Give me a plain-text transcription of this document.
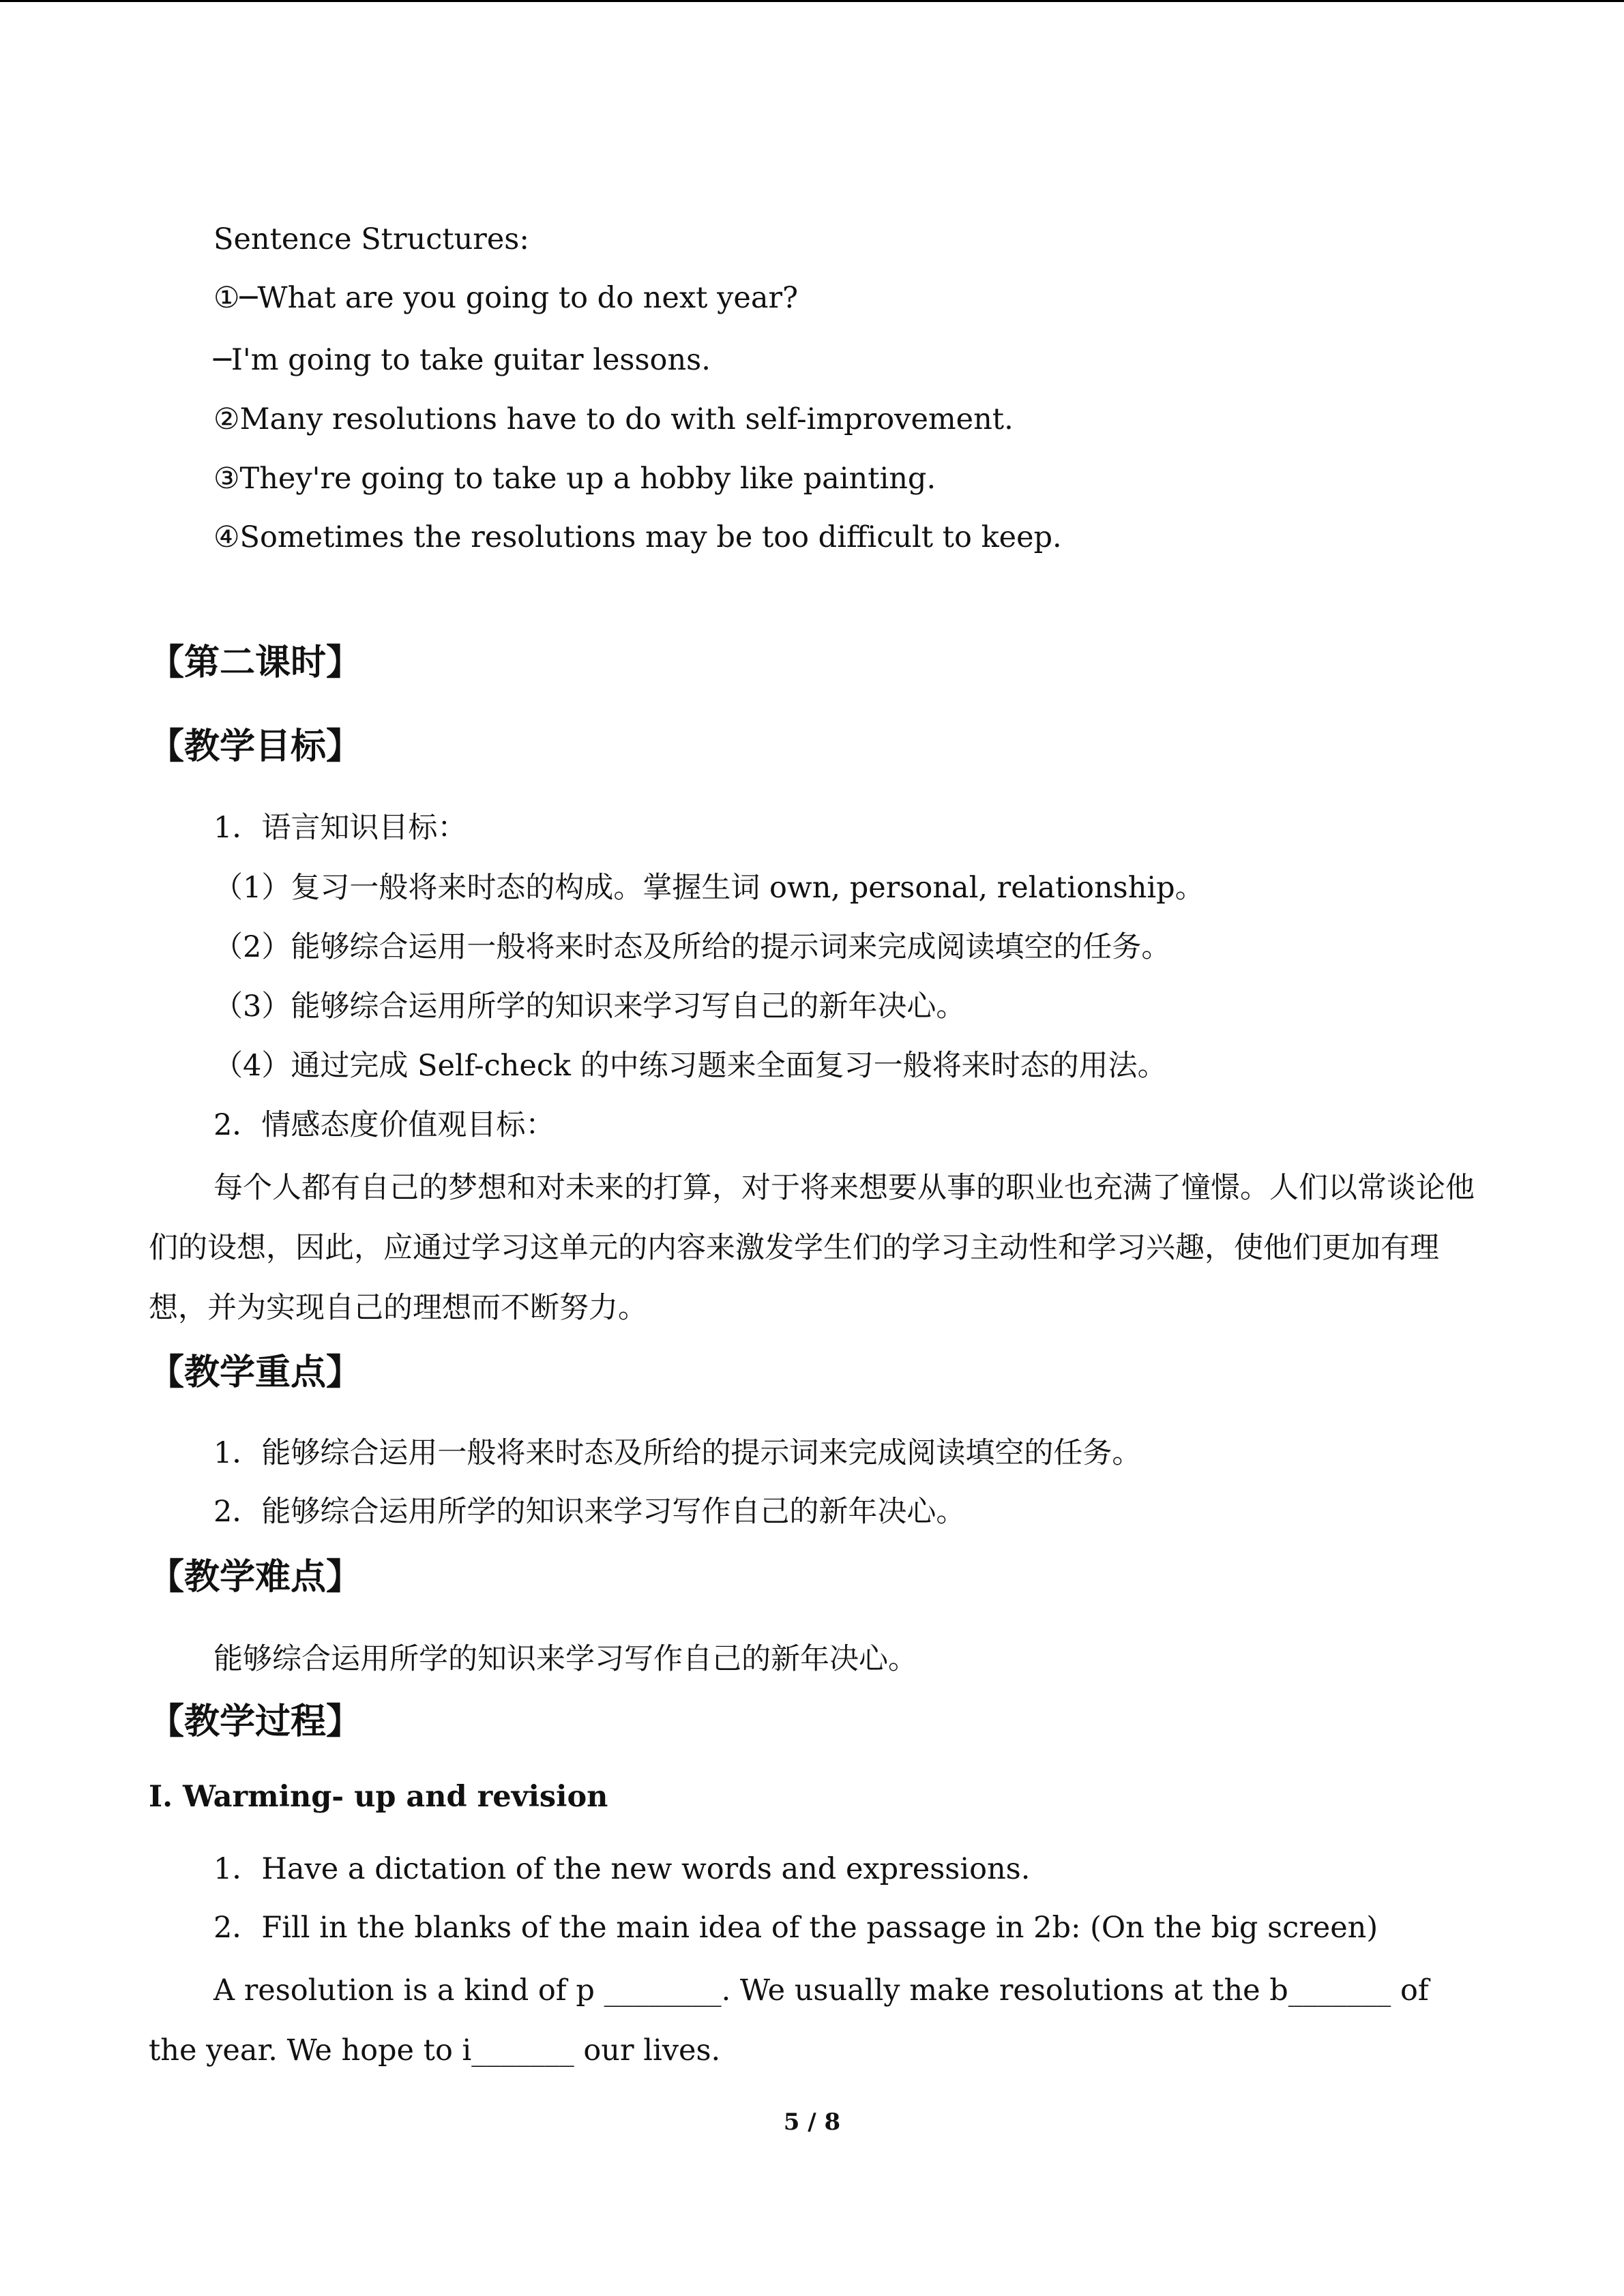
Sentence Structures:
①─What are you going to do next year?
─I'm going to take guitar lessons.
②Many resolutions have to do with self-improvement.
③They're going to take up a hobby like painting.
④Sometimes the resolutions may be too difficult to keep.
【第二课时】
【教学目标】
1．语言知识目标：
（1）复习一般将来时态的构成。掌握生词 own, personal, relationship。
（2）能够综合运用一般将来时态及所给的提示词来完成阅读填空的任务。
（3）能够综合运用所学的知识来学习写自己的新年决心。
（4）通过完成 Self-check 的中练习题来全面复习一般将来时态的用法。
2．情感态度价值观目标：
每个人都有自己的梦想和对未来的打算，对于将来想要从事的职业也充满了憧憬。人们以常谈论他们的设想，因此，应通过学习这单元的内容来激发学生们的学习主动性和学习兴趣，使他们更加有理想，并为实现自己的理想而不断努力。
【教学重点】
1．能够综合运用一般将来时态及所给的提示词来完成阅读填空的任务。
2．能够综合运用所学的知识来学习写作自己的新年决心。
【教学难点】
能够综合运用所学的知识来学习写作自己的新年决心。
【教学过程】
Ⅰ. Warming- up and revision
1．Have a dictation of the new words and expressions.
2．Fill in the blanks of the main idea of the passage in 2b: (On the big screen)
A resolution is a kind of p ________. We usually make resolutions at the b_______ of the year. We hope to i_______ our lives.
5 / 8
